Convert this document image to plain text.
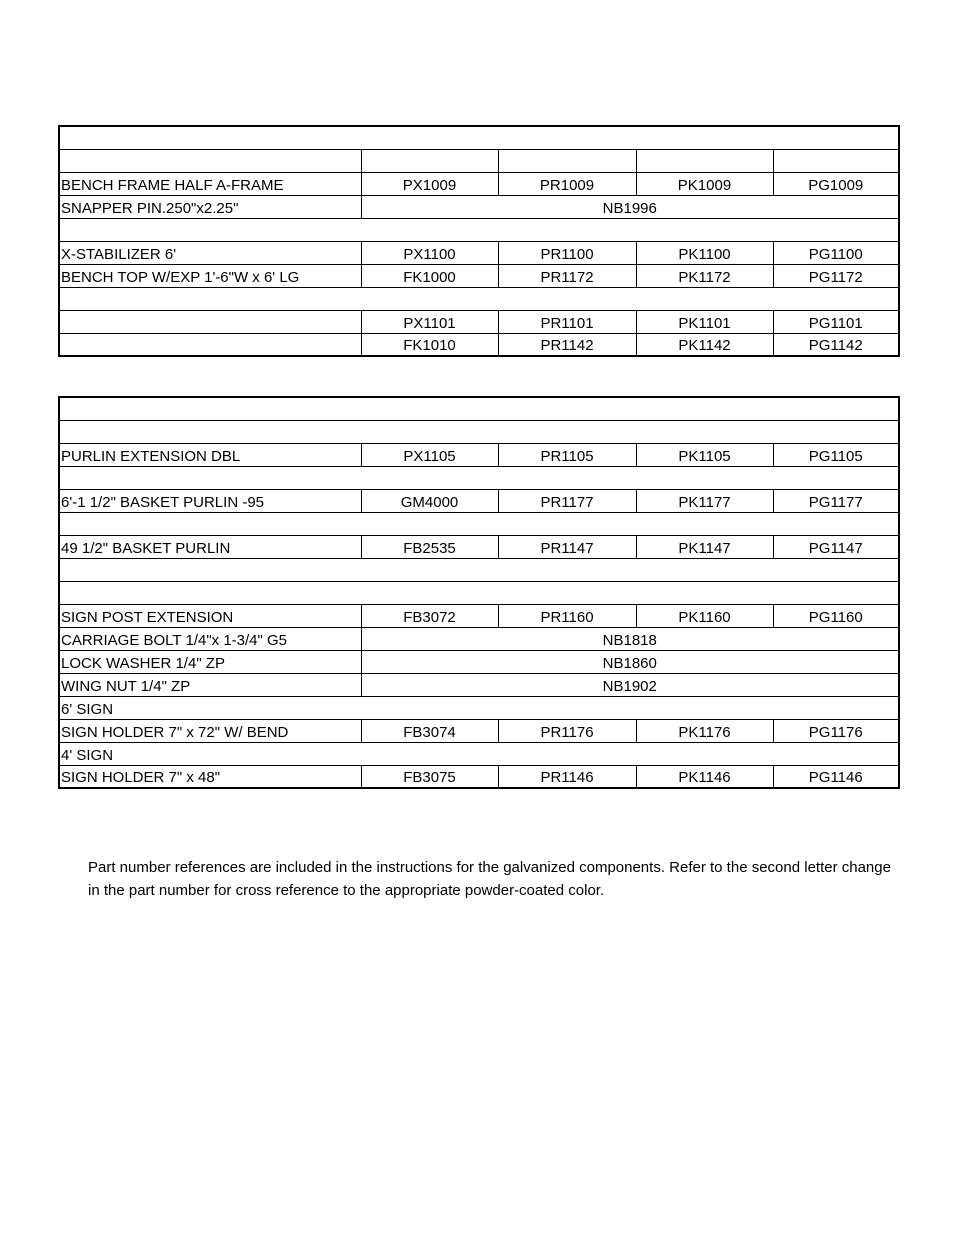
BENCH FRAME HALF A-FRAME	PX1009	PR1009	PK1009	PG1009
SNAPPER PIN.250"x2.25"	NB1996			

X-STABILIZER 6'	PX1100	PR1100	PK1100	PG1100
BENCH TOP W/EXP 1'-6"W x 6' LG	FK1000	PR1172	PK1172	PG1172

	PX1101	PR1101	PK1101	PG1101
	FK1010	PR1142	PK1142	PG1142

PURLIN EXTENSION DBL	PX1105	PR1105	PK1105	PG1105

6'-1 1/2" BASKET PURLIN -95	GM4000	PR1177	PK1177	PG1177

49 1/2" BASKET PURLIN	FB2535	PR1147	PK1147	PG1147

SIGN POST EXTENSION	FB3072	PR1160	PK1160	PG1160
CARRIAGE BOLT 1/4"x 1-3/4" G5	NB1818			
LOCK WASHER 1/4" ZP	NB1860			
WING NUT 1/4" ZP	NB1902			
6' SIGN				
SIGN HOLDER 7" x 72" W/ BEND	FB3074	PR1176	PK1176	PG1176
4' SIGN				
SIGN HOLDER 7" x 48"	FB3075	PR1146	PK1146	PG1146

Part number references are included in the instructions for the galvanized components. Refer to the second letter change in the part number for cross reference to the appropriate powder-coated color.
